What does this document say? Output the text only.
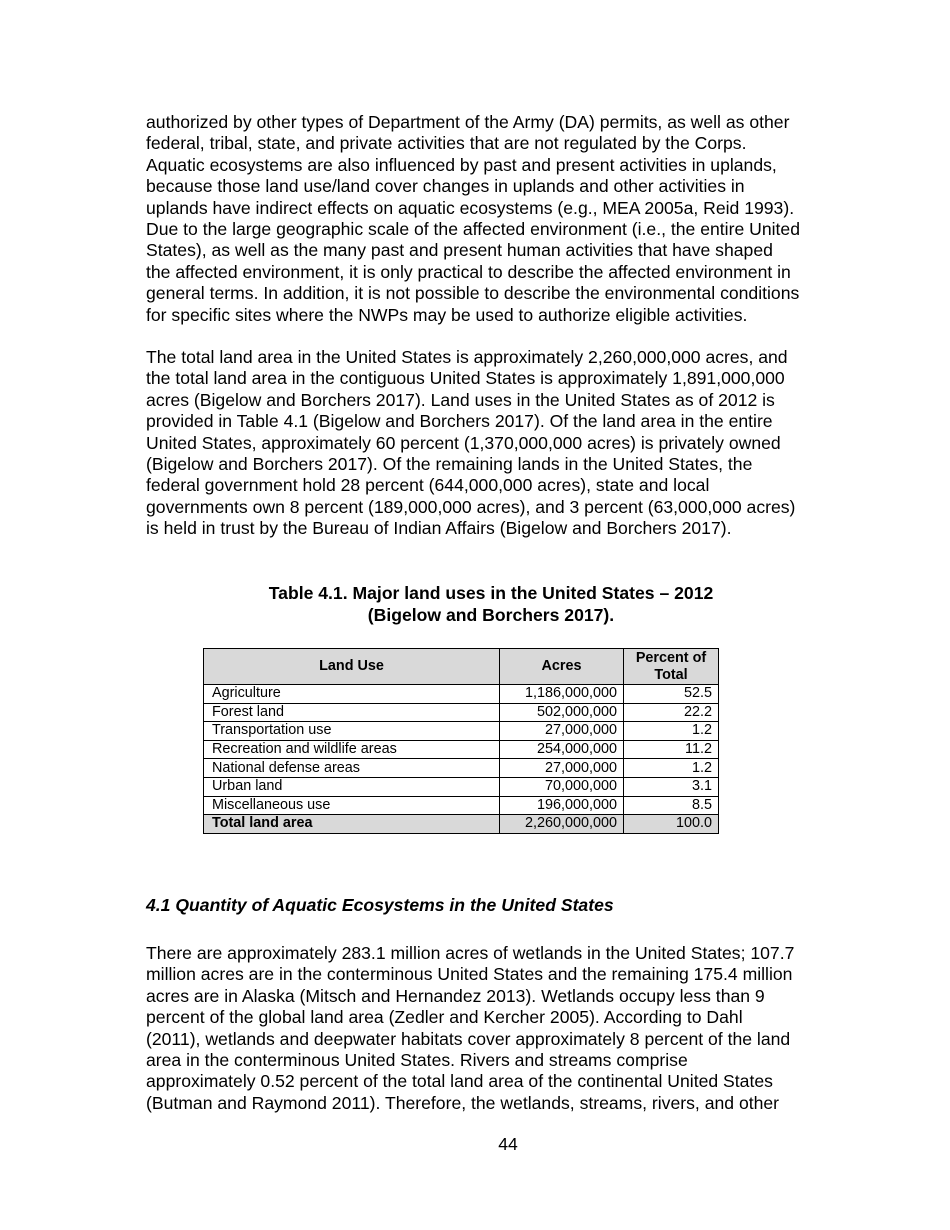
authorized by other types of Department of the Army (DA) permits, as well as other
federal, tribal, state, and private activities that are not regulated by the Corps.
Aquatic ecosystems are also influenced by past and present activities in uplands,
because those land use/land cover changes in uplands and other activities in
uplands have indirect effects on aquatic ecosystems (e.g., MEA 2005a, Reid 1993).
Due to the large geographic scale of the affected environment (i.e., the entire United
States), as well as the many past and present human activities that have shaped
the affected environment, it is only practical to describe the affected environment in
general terms. In addition, it is not possible to describe the environmental conditions
for specific sites where the NWPs may be used to authorize eligible activities.

The total land area in the United States is approximately 2,260,000,000 acres, and
the total land area in the contiguous United States is approximately 1,891,000,000
acres (Bigelow and Borchers 2017). Land uses in the United States as of 2012 is
provided in Table 4.1 (Bigelow and Borchers 2017). Of the land area in the entire
United States, approximately 60 percent (1,370,000,000 acres) is privately owned
(Bigelow and Borchers 2017). Of the remaining lands in the United States, the
federal government hold 28 percent (644,000,000 acres), state and local
governments own 8 percent (189,000,000 acres), and 3 percent (63,000,000 acres)
is held in trust by the Bureau of Indian Affairs (Bigelow and Borchers 2017).

Table 4.1. Major land uses in the United States – 2012
(Bigelow and Borchers 2017).
Land Use	Acres	Percent of
Total
Agriculture	1,186,000,000	52.5
Forest land	502,000,000	22.2
Transportation use	27,000,000	1.2
Recreation and wildlife areas	254,000,000	11.2
National defense areas	27,000,000	1.2
Urban land	70,000,000	3.1
Miscellaneous use	196,000,000	8.5
Total land area	2,260,000,000	100.0
4.1 Quantity of Aquatic Ecosystems in the United States

There are approximately 283.1 million acres of wetlands in the United States; 107.7
million acres are in the conterminous United States and the remaining 175.4 million
acres are in Alaska (Mitsch and Hernandez 2013). Wetlands occupy less than 9
percent of the global land area (Zedler and Kercher 2005). According to Dahl
(2011), wetlands and deepwater habitats cover approximately 8 percent of the land
area in the conterminous United States. Rivers and streams comprise
approximately 0.52 percent of the total land area of the continental United States
(Butman and Raymond 2011). Therefore, the wetlands, streams, rivers, and other

44
